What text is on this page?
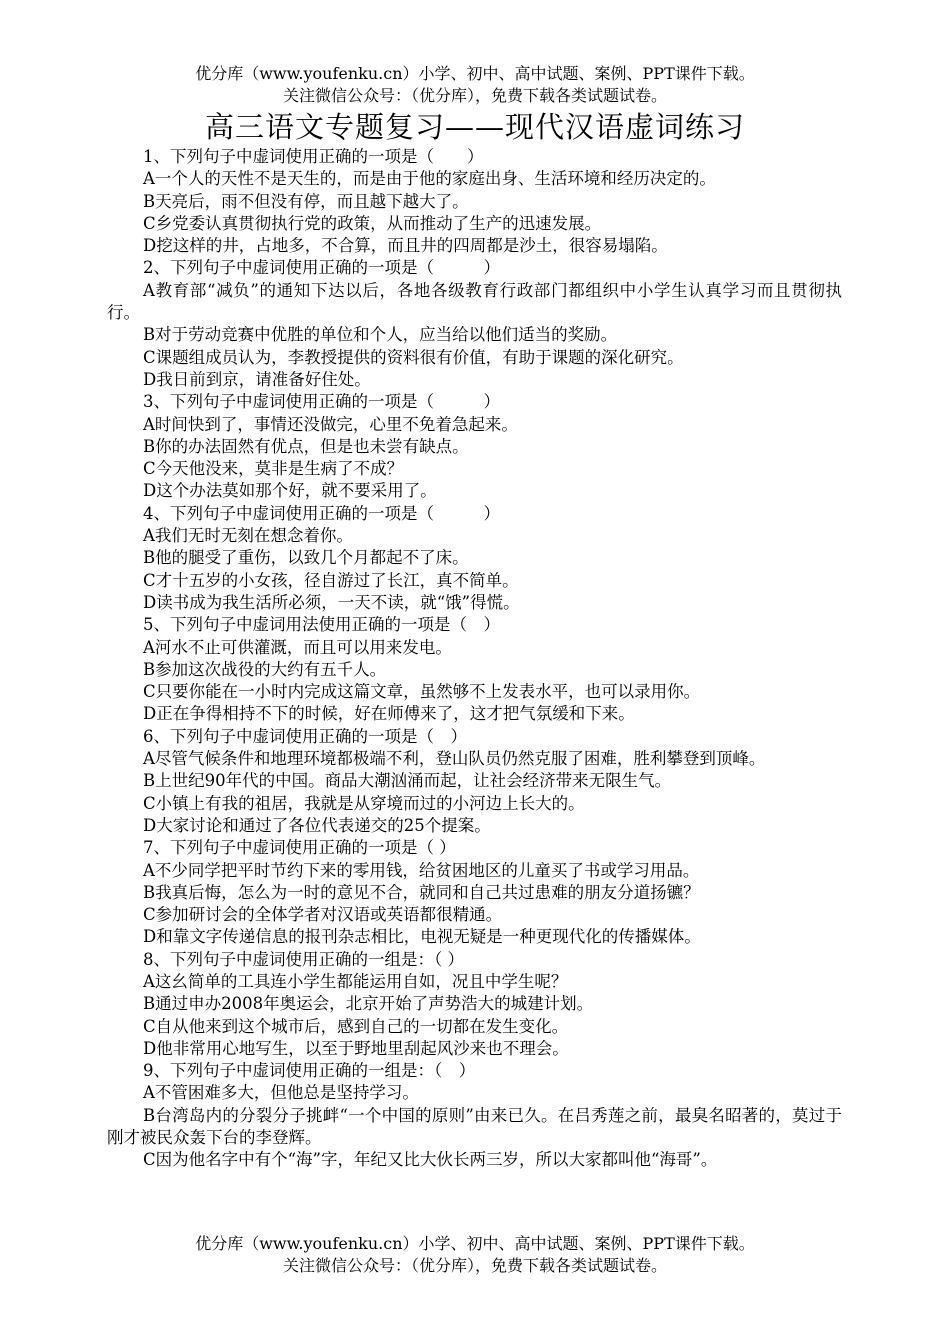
优分库（www.youfenku.cn）小学、初中、高中试题、案例、PPT课件下载。
关注微信公众号：（优分库），免费下载各类试题试卷。
高三语文专题复习——现代汉语虚词练习

1、下列句子中虚词使用正确的一项是（　　）

A一个人的天性不是天生的，而是由于他的家庭出身、生活环境和经历决定的。

B天亮后，雨不但没有停，而且越下越大了。

C乡党委认真贯彻执行党的政策，从而推动了生产的迅速发展。

D挖这样的井，占地多，不合算，而且井的四周都是沙土，很容易塌陷。

2、下列句子中虚词使用正确的一项是（　　　）

A教育部“减负”的通知下达以后，各地各级教育行政部门都组织中小学生认真学习而且贯彻执行。

B对于劳动竞赛中优胜的单位和个人，应当给以他们适当的奖励。

C课题组成员认为，李教授提供的资料很有价值，有助于课题的深化研究。

D我日前到京，请准备好住处。

3、下列句子中虚词使用正确的一项是（　　　）

A时间快到了，事情还没做完，心里不免着急起来。

B你的办法固然有优点，但是也未尝有缺点。

C今天他没来，莫非是生病了不成？

D这个办法莫如那个好，就不要采用了。

4、下列句子中虚词使用正确的一项是（　　　）

A我们无时无刻在想念着你。

B他的腿受了重伤，以致几个月都起不了床。

C才十五岁的小女孩，径自游过了长江，真不简单。

D读书成为我生活所必须，一天不读，就“饿”得慌。

5、下列句子中虚词用法使用正确的一项是（　）

A河水不止可供灌溉，而且可以用来发电。

B参加这次战役的大约有五千人。

C只要你能在一小时内完成这篇文章，虽然够不上发表水平，也可以录用你。

D正在争得相持不下的时候，好在师傅来了，这才把气氛缓和下来。

6、下列句子中虚词使用正确的一项是（　）

A尽管气候条件和地理环境都极端不利，登山队员仍然克服了困难，胜利攀登到顶峰。

B上世纪90年代的中国。商品大潮汹涌而起，让社会经济带来无限生气。

C小镇上有我的祖居，我就是从穿境而过的小河边上长大的。

D大家讨论和通过了各位代表递交的25个提案。

7、下列句子中虚词使用正确的一项是（ ）

A不少同学把平时节约下来的零用钱，给贫困地区的儿童买了书或学习用品。

B我真后悔，怎么为一时的意见不合，就同和自己共过患难的朋友分道扬镳？

C参加研讨会的全体学者对汉语或英语都很精通。

D和靠文字传递信息的报刊杂志相比，电视无疑是一种更现代化的传播媒体。

8、下列句子中虚词使用正确的一组是：（ ）

A这幺简单的工具连小学生都能运用自如，况且中学生呢？

B通过申办2008年奥运会，北京开始了声势浩大的城建计划。

C自从他来到这个城市后，感到自己的一切都在发生变化。

D他非常用心地写生，以至于野地里刮起风沙来也不理会。

9、下列句子中虚词使用正确的一组是：（　）

A不管困难多大，但他总是坚持学习。

B台湾岛内的分裂分子挑衅“一个中国的原则”由来已久。在吕秀莲之前，最臭名昭著的，莫过于刚才被民众轰下台的李登辉。

C因为他名字中有个“海”字，年纪又比大伙长两三岁，所以大家都叫他“海哥”。

优分库（www.youfenku.cn）小学、初中、高中试题、案例、PPT课件下载。
关注微信公众号：（优分库），免费下载各类试题试卷。
